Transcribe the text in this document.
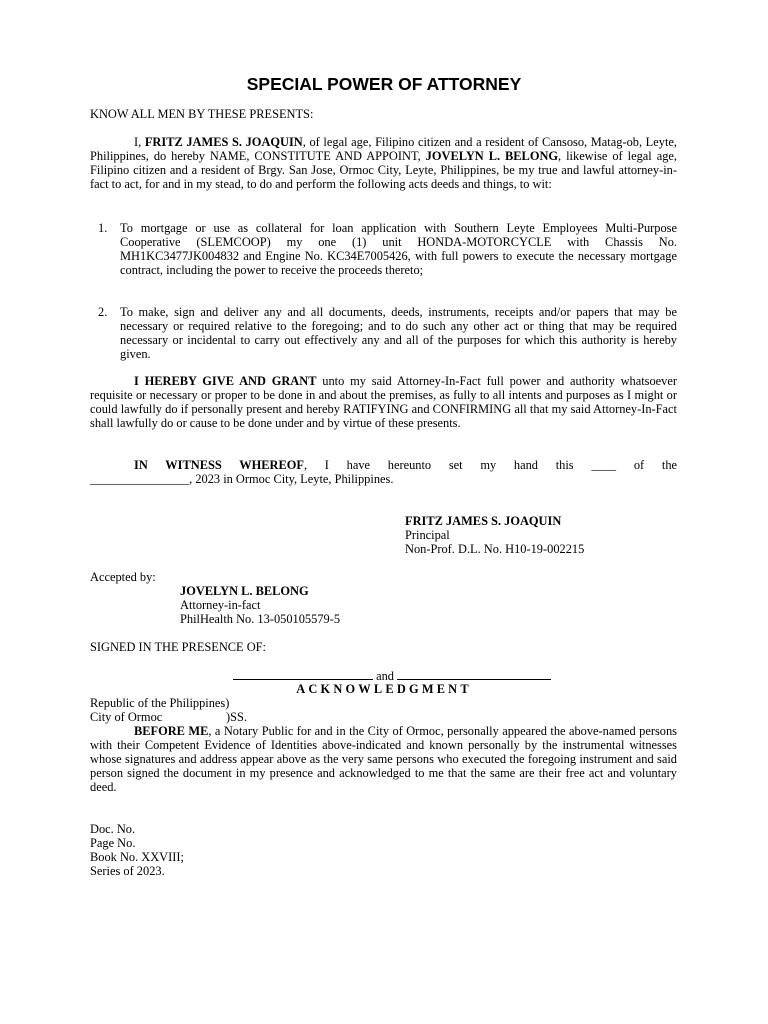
SPECIAL POWER OF ATTORNEY
KNOW ALL MEN BY THESE PRESENTS:
I, FRITZ JAMES S. JOAQUIN, of legal age, Filipino citizen and a resident of Cansoso, Matag-ob, Leyte, Philippines, do hereby NAME, CONSTITUTE AND APPOINT, JOVELYN L. BELONG, likewise of legal age, Filipino citizen and a resident of Brgy. San Jose, Ormoc City, Leyte, Philippines, be my true and lawful attorney-in-fact to act, for and in my stead, to do and perform the following acts deeds and things, to wit:
1.	To mortgage or use as collateral for loan application with Southern Leyte Employees Multi-Purpose Cooperative (SLEMCOOP) my one (1) unit HONDA-MOTORCYCLE with Chassis No. MH1KC3477JK004832 and Engine No. KC34E7005426, with full powers to execute the necessary mortgage contract, including the power to receive the proceeds thereto;
2.	To make, sign and deliver any and all documents, deeds, instruments, receipts and/or papers that may be necessary or required relative to the foregoing; and to do such any other act or thing that may be required necessary or incidental to carry out effectively any and all of the purposes for which this authority is hereby given.
I HEREBY GIVE AND GRANT unto my said Attorney-In-Fact full power and authority whatsoever requisite or necessary or proper to be done in and about the premises, as fully to all intents and purposes as I might or could lawfully do if personally present and hereby RATIFYING and CONFIRMING all that my said Attorney-In-Fact shall lawfully do or cause to be done under and by virtue of these presents.
IN WITNESS WHEREOF, I have hereunto set my hand this ____ of the
________________, 2023 in Ormoc City, Leyte, Philippines.
FRITZ JAMES S. JOAQUIN
Principal
Non-Prof. D.L. No. H10-19-002215
Accepted by:
JOVELYN L. BELONG
Attorney-in-fact
PhilHealth No. 13-050105579-5
SIGNED IN THE PRESENCE OF:
and
ACKNOWLEDGMENT
Republic of the Philippines)
City of Ormoc	)SS.
BEFORE ME, a Notary Public for and in the City of Ormoc, personally appeared the above-named persons with their Competent Evidence of Identities above-indicated and known personally by the instrumental witnesses whose signatures and address appear above as the very same persons who executed the foregoing instrument and said person signed the document in my presence and acknowledged to me that the same are their free act and voluntary deed.
Doc. No.
Page No.
Book No. XXVIII;
Series of 2023.
